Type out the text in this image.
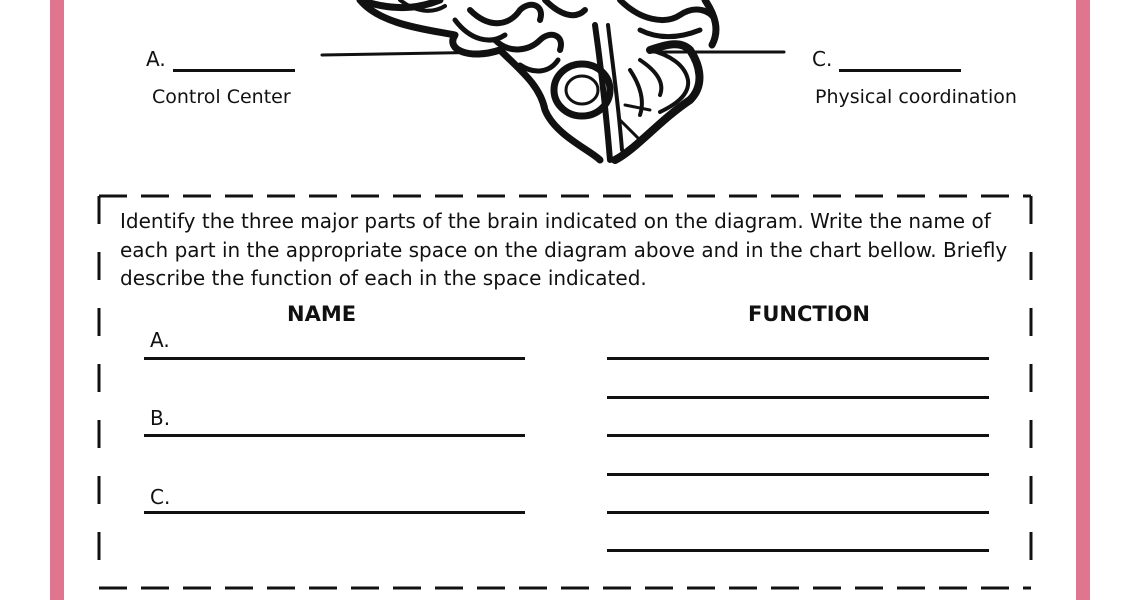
A.
Control Center
C.
Physical coordination
Identify the three major parts of the brain indicated on the diagram. Write the name of each part in the appropriate space on the diagram above and in the chart bellow. Briefly describe the function of each in the space indicated.
NAME	FUNCTION
A.
B.
C.
